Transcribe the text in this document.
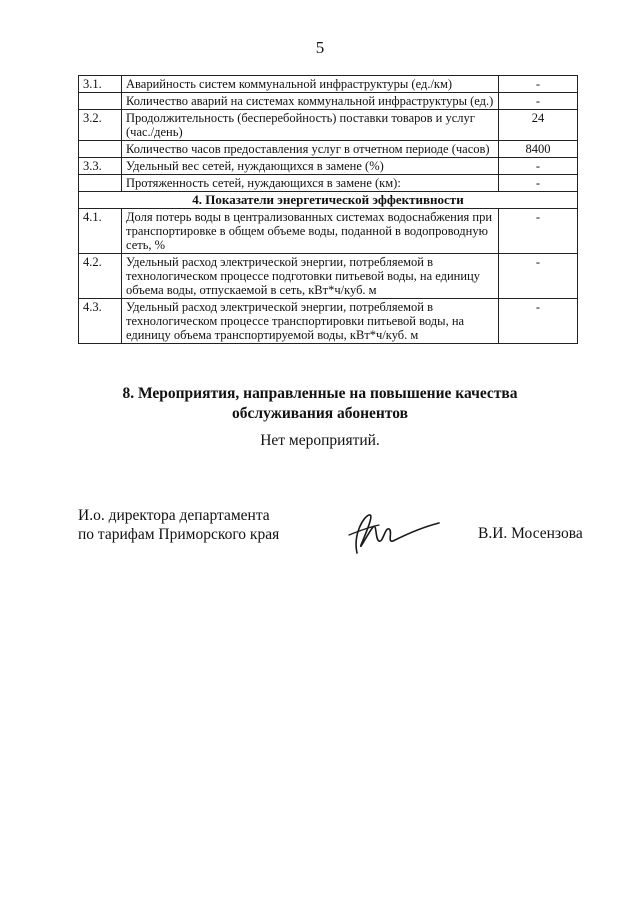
5
3.1.	Аварийность систем коммунальной инфраструктуры (ед./км)	-
	Количество аварий на системах коммунальной инфраструктуры (ед.)	-
3.2.	Продолжительность (бесперебойность) поставки товаров и услуг (час./день)	24
	Количество часов предоставления услуг в отчетном периоде (часов)	8400
3.3.	Удельный вес сетей, нуждающихся в замене (%)	-
	Протяженность сетей, нуждающихся в замене (км):	-
4. Показатели энергетической эффективности		
4.1.	Доля потерь воды в централизованных системах водоснабжения при транспортировке в общем объеме воды, поданной в водопроводную сеть, %	-
4.2.	Удельный расход электрической энергии, потребляемой в технологическом процессе подготовки питьевой воды, на единицу объема воды, отпускаемой в сеть, кВт*ч/куб. м	-
4.3.	Удельный расход электрической энергии, потребляемой в технологическом процессе транспортировки питьевой воды, на единицу объема транспортируемой воды, кВт*ч/куб. м	-
8. Мероприятия, направленные на повышение качества
обслуживания абонентов
Нет мероприятий.
И.о. директора департамента
по тарифам Приморского края	В.И. Мосензова
